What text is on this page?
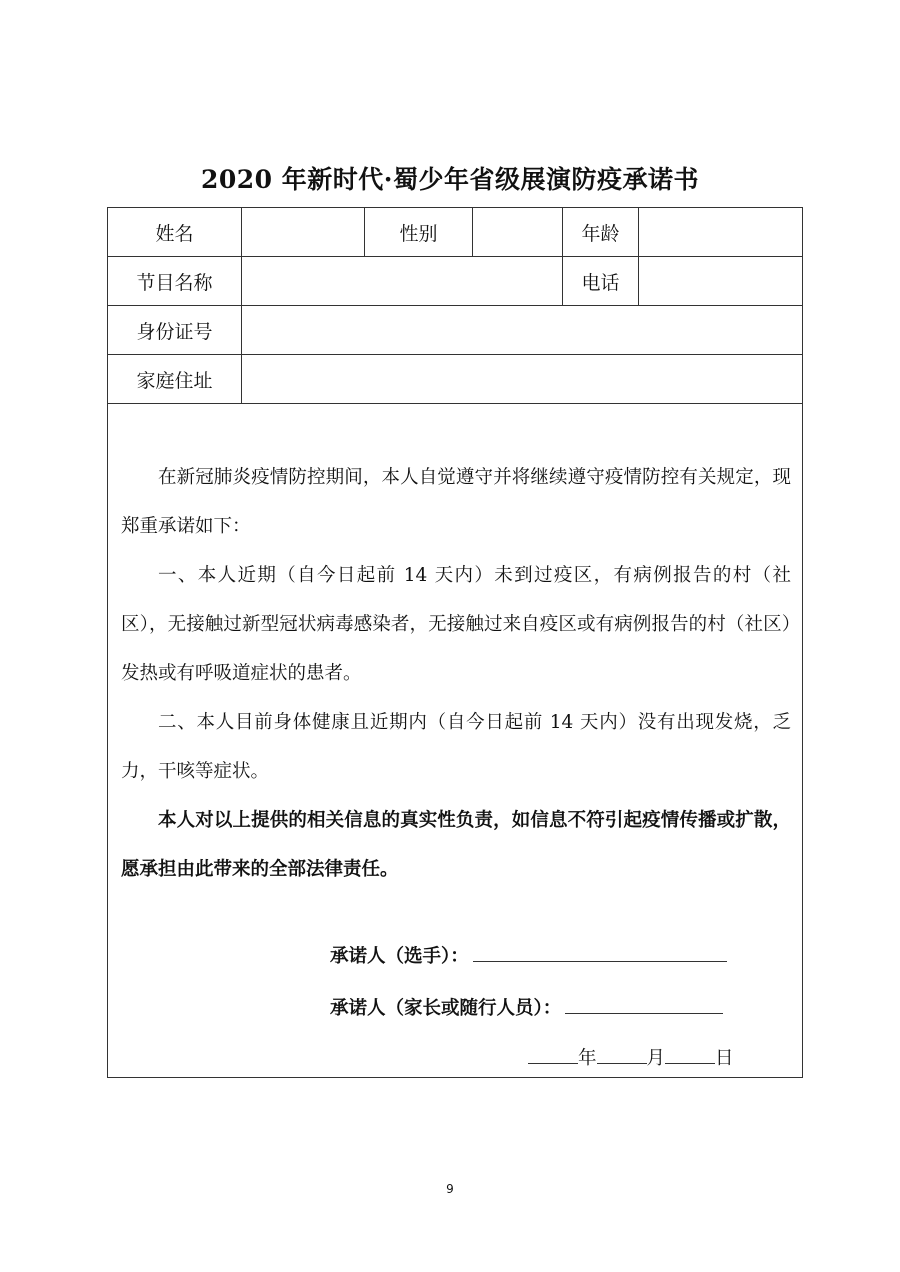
2020 年新时代·蜀少年省级展演防疫承诺书
姓名		性别		年龄	
节目名称				电话	
身份证号					
家庭住址					

在新冠肺炎疫情防控期间，本人自觉遵守并将继续遵守疫情防控有关规定，现郑重承诺如下：

一、本人近期（自今日起前 14 天内）未到过疫区，有病例报告的村（社区），无接触过新型冠状病毒感染者，无接触过来自疫区或有病例报告的村（社区）发热或有呼吸道症状的患者。

二、本人目前身体健康且近期内（自今日起前 14 天内）没有出现发烧，乏力，干咳等症状。

本人对以上提供的相关信息的真实性负责，如信息不符引起疫情传播或扩散，愿承担由此带来的全部法律责任。

承诺人（选手）：
承诺人（家长或随行人员）：
年	月	日
9
